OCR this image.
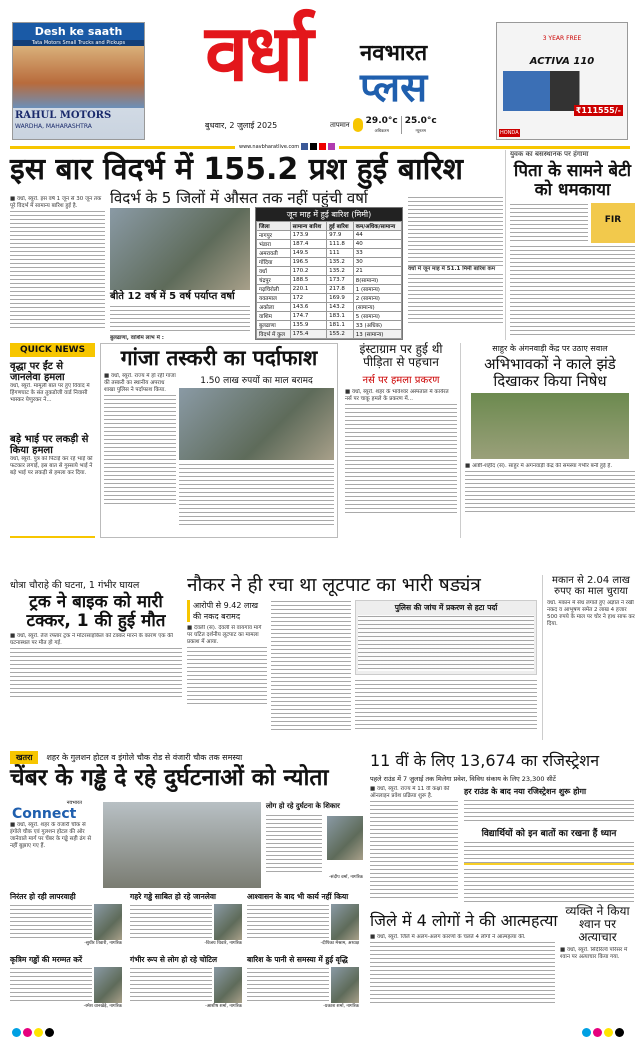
Desh ke saath
Tata Motors Small Trucks and Pickups
RAHUL MOTORS
WARDHA, MAHARASHTRA
वर्धा नवभारत
प्लस
बुधवार, 2 जुलाई 2025	तापमान 29.0°c
अधिकतम
25.0°c
न्यूनतम
3 YEAR FREE
ACTIVA 110
₹111555/-
HONDA
www.navbharatlive.com
इस बार विदर्भ में 155.2 प्रश हुई बारिश
विदर्भ के 5 जिलों में औसत तक नहीं पहुंची वर्षा
■ वर्धा, ब्यूरो. इस वर्ष 1 जून से 30 जून तक पूरे विदर्भ में सामान्य बारिश हुई है.
बीते 12 वर्ष में 5 वर्ष पर्याप्त वर्षा
जून माह में हुई बारिश (मिमी)
जिला	सामान्य बारिश	हुई बारिश	कम/अधिक/सामान्य
नागपुर	173.9	97.9	44
भंडारा	187.4	111.8	40
अमरावती	149.5	111	33
गोंदिया	196.5	135.2	30
वर्धा	170.2	135.2	21
चंद्रपुर	188.5	173.7	8(सामान्य)
गढ़चिरोली	220.1	217.8	1 (सामान्य)
यवतमाल	172	169.9	2 (सामान्य)
अकोला	143.6	143.2	(सामान्य)
वाशिम	174.7	183.1	5 (सामान्य)
बुलढाणा	135.9	181.1	33 (अधिक)
विदर्भ में कुल	175.4	155.2	13 (सामान्य)
वर्धा में जून माह में 51.1 मिमी बारिश कम
बुलढाणा, वाशिम लाभ में :
युवक का बसस्थानक पर हंगामा
पिता के सामने बेटी को धमकाया
FIR
QUICK NEWS
वृद्धा पर ईंट से जानलेवा हमला
वर्धा, ब्यूरो. मामूली बात पर हुए विवाद में हिंगणघाट के संत तुकडोजी वार्ड निवासी भास्कर येणुरकर ने...
बड़े भाई पर लकड़ी से किया हमला
वर्धा, ब्यूरो. पुत्र को पिटाई कर रहे भाई को फटकार लगाई, इस बात से गुस्साये भाई ने बड़े भाई पर लकड़ी से हमला कर दिया.
गांजा तस्करी का पर्दाफाश
■ वर्धा, ब्यूरो. राज्य में हो रही गांजा की तस्करी का स्थानीय अपराध शाखा पुलिस ने पर्दाफाश किया.
1.50 लाख रुपयों का माल बरामद
इंस्टाग्राम पर हुई थी पीड़िता से पहचान
नर्स पर हमला प्रकरण
■ वर्धा, ब्यूरो. शहर के भावेश्वर अस्पताल में कार्यरत नर्स पर चाकू हमले के प्रकरण में...
साहुर के अंगनवाड़ी केंद्र पर उठाए सवाल
अभिभावकों ने काले झंडे दिखाकर किया निषेध
■ आष्टी-शहीद (सं). साहुर में अंगनवाड़ी केंद्र की समस्या गंभीर बनी हुई है.
धोत्रा चौराहे की घटना, 1 गंभीर घायल
ट्रक ने बाइक को मारी टक्कर, 1 की हुई मौत
■ वर्धा, ब्यूरो. तेज रफ्तार ट्रक ने मोटरसाइकिल को टक्कर मारने के कारण एक की घटनास्थल पर मौत हो गई.
नौकर ने ही रचा था लूटपाट का भारी षड्यंत्र
आरोपी से 9.42 लाख की नकद बरामद
■ देवली (सं). देवली से वायगांव मार्ग पर घटित दर्शनीय लूटपाट का मामला प्रकाश में आया.
पुलिस की जांच में प्रकरण से हटा पर्दा
मकान से 2.04 लाख रुपए का माल चुराया
वर्धा. मकान में सेंध लगाते हुए अज्ञात ने रखी नकद व आभूषण समेत 2 लाख 4 हजार 500 रुपये के माल पर चोर ने हाथ साफ कर दिया.
खतरा	शहर के गुलशन होटल व इंगोले चौक रोड से वंजारी चौक तक समस्या
चेंबर के गड्ढे दे रहे दुर्घटनाओं को न्योता
नवभारत
Connect
■ वर्धा, ब्यूरो. शहर के वंजारी चौक से इंगोले चौक एवं गुलशन होटल की ओर जानेवाले मार्ग पर चेंबर के गड्ढे सही ढंग से नहीं बुझाए गए हैं.
लोग हो रहे दुर्घटना के शिकार
-संदीप वर्मा, नागरिक
निरंतर हो रही लापरवाही
-सुधीर तिवारी, नागरिक
कृत्रिम गड्ढों की मरम्मत करें
-रमेश वानखेड़े, नागरिक
गहरे गड्ढे साबित हो रहे जानलेवा
-विजय धिवारे, नागरिक
गंभीर रूप से लोग हो रहे चोटिल
-आशीष शर्मा, नागरिक
आश्वासन के बाद भी कार्य नहीं किया
-दीपिका मेश्राम, अध्यक्ष
बारिश के पानी से समस्या में हुई वृद्धि
-प्रकाश शर्मा, नागरिक
11 वीं के लिए 13,674 का रजिस्ट्रेशन
पहले राउंड में 7 जुलाई तक मिलेगा प्रवेश, विविध संकाय के लिए 23,300 सीटें
■ वर्धा, ब्यूरो. राज्य में 11 वीं कक्षा की ऑनलाइन प्रवेश प्रक्रिया शुरू है.	हर राउंड के बाद नया रजिस्ट्रेशन शुरू होगा
विद्यार्थियों को इन बातों का रखना हैं ध्यान
जिले में 4 लोगों ने की आत्महत्या
■ वर्धा, ब्यूरो. जिले में अलग-अलग कारणों के चलते 4 लोगों ने आत्महत्या की.
व्यक्ति ने किया श्वान पर अत्याचार
■ वर्धा, ब्यूरो. सिंदीरेल्वे परिसर में श्वान पर अत्याचार किया गया.
